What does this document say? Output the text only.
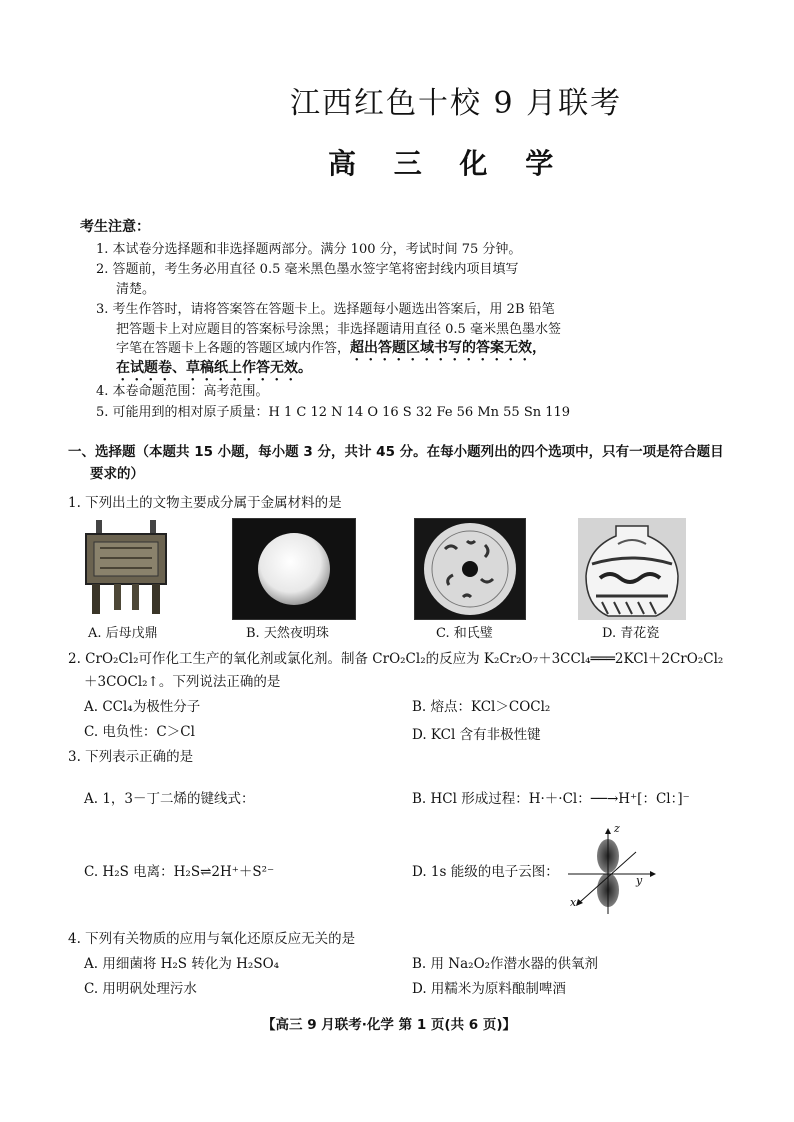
江西红色十校 9 月联考
高 三 化 学
考生注意：
1. 本试卷分选择题和非选择题两部分。满分 100 分，考试时间 75 分钟。
2. 答题前，考生务必用直径 0.5 毫米黑色墨水签字笔将密封线内项目填写
清楚。
3. 考生作答时，请将答案答在答题卡上。选择题每小题选出答案后，用 2B 铅笔
把答题卡上对应题目的答案标号涂黑；非选择题请用直径 0.5 毫米黑色墨水签
字笔在答题卡上各题的答题区域内作答，超出答题区域书写的答案无效，
在试题卷、草稿纸上作答无效。
4. 本卷命题范围：高考范围。
5. 可能用到的相对原子质量：H 1 C 12 N 14 O 16 S 32 Fe 56 Mn 55 Sn 119
一、选择题（本题共 15 小题，每小题 3 分，共计 45 分。在每小题列出的四个选项中，只有一项是符合题目
要求的）
1. 下列出土的文物主要成分属于金属材料的是
A. 后母戊鼎	B. 天然夜明珠	C. 和氏璧	D. 青花瓷
2. CrO₂Cl₂可作化工生产的氧化剂或氯化剂。制备 CrO₂Cl₂的反应为 K₂Cr₂O₇＋3CCl₄═══2KCl＋2CrO₂Cl₂
＋3COCl₂↑。下列说法正确的是
A. CCl₄为极性分子	B. 熔点：KCl＞COCl₂
C. 电负性：C＞Cl	D. KCl 含有非极性键
3. 下列表示正确的是
A. 1，3－丁二烯的键线式：	B. HCl 形成过程：H·＋·Cl：──→H⁺[：Cl：]⁻
C. H₂S 电离：H₂S⇌2H⁺＋S²⁻	D. 1s 能级的电子云图：
z
y
x
4. 下列有关物质的应用与氧化还原反应无关的是
A. 用细菌将 H₂S 转化为 H₂SO₄	B. 用 Na₂O₂作潜水器的供氧剂
C. 用明矾处理污水	D. 用糯米为原料酿制啤酒
【高三 9 月联考·化学 第 1 页(共 6 页)】
